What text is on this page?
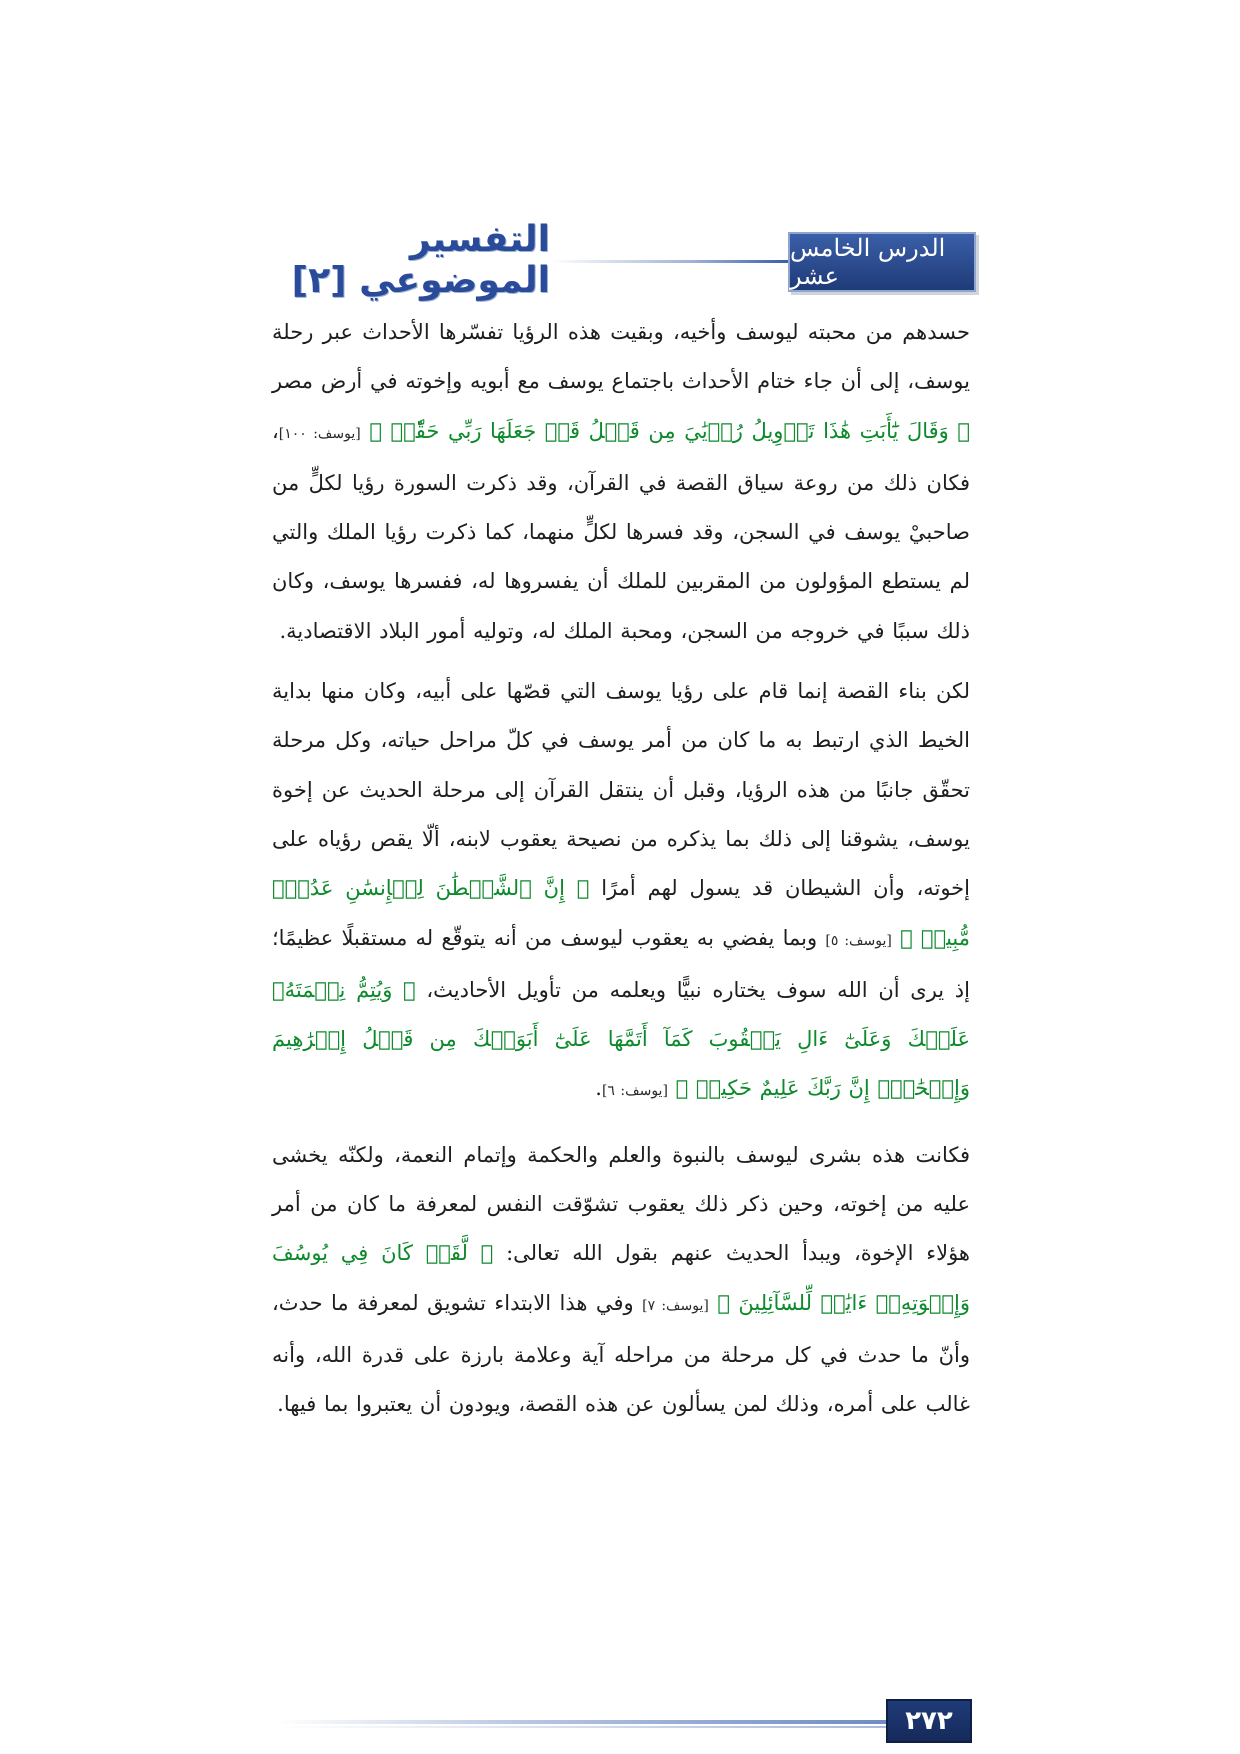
الدرس الخامس عشر
التفسير الموضوعي [٢]

حسدهم من محبته ليوسف وأخيه، وبقيت هذه الرؤيا تفسّرها الأحداث عبر رحلة يوسف، إلى أن جاء ختام الأحداث باجتماع يوسف مع أبويه وإخوته في أرض مصر ﴿ وَقَالَ يَٰٓأَبَتِ هَٰذَا تَأۡوِيلُ رُءۡيَٰيَ مِن قَبۡلُ قَدۡ جَعَلَهَا رَبِّي حَقّٗاۖ ﴾ [يوسف: ١٠٠]، فكان ذلك من روعة سياق القصة في القرآن، وقد ذكرت السورة رؤيا لكلٍّ من صاحبيْ يوسف في السجن، وقد فسرها لكلٍّ منهما، كما ذكرت رؤيا الملك والتي لم يستطع المؤولون من المقربين للملك أن يفسروها له، ففسرها يوسف، وكان ذلك سببًا في خروجه من السجن، ومحبة الملك له، وتوليه أمور البلاد الاقتصادية.

لكن بناء القصة إنما قام على رؤيا يوسف التي قصّها على أبيه، وكان منها بداية الخيط الذي ارتبط به ما كان من أمر يوسف في كلّ مراحل حياته، وكل مرحلة تحقّق جانبًا من هذه الرؤيا، وقبل أن ينتقل القرآن إلى مرحلة الحديث عن إخوة يوسف، يشوقنا إلى ذلك بما يذكره من نصيحة يعقوب لابنه، ألّا يقص رؤياه على إخوته، وأن الشيطان قد يسول لهم أمرًا ﴿ إِنَّ ٱلشَّيۡطَٰنَ لِلۡإِنسَٰنِ عَدُوّٞ مُّبِينٞ ﴾ [يوسف: ٥] وبما يفضي به يعقوب ليوسف من أنه يتوقّع له مستقبلًا عظيمًا؛ إذ يرى أن الله سوف يختاره نبيًّا ويعلمه من تأويل الأحاديث، ﴿ وَيُتِمُّ نِعۡمَتَهُۥ عَلَيۡكَ وَعَلَىٰٓ ءَالِ يَعۡقُوبَ كَمَآ أَتَمَّهَا عَلَىٰٓ أَبَوَيۡكَ مِن قَبۡلُ إِبۡرَٰهِيمَ وَإِسۡحَٰقَۚ إِنَّ رَبَّكَ عَلِيمٌ حَكِيمٞ ﴾ [يوسف: ٦].

فكانت هذه بشرى ليوسف بالنبوة والعلم والحكمة وإتمام النعمة، ولكنّه يخشى عليه من إخوته، وحين ذكر ذلك يعقوب تشوّقت النفس لمعرفة ما كان من أمر هؤلاء الإخوة، ويبدأ الحديث عنهم بقول الله تعالى: ﴿ لَّقَدۡ كَانَ فِي يُوسُفَ وَإِخۡوَتِهِۦٓ ءَايَٰتٞ لِّلسَّآئِلِينَ ﴾ [يوسف: ٧] وفي هذا الابتداء تشويق لمعرفة ما حدث، وأنّ ما حدث في كل مرحلة من مراحله آية وعلامة بارزة على قدرة الله، وأنه غالب على أمره، وذلك لمن يسألون عن هذه القصة، ويودون أن يعتبروا بما فيها.

٢٧٢
